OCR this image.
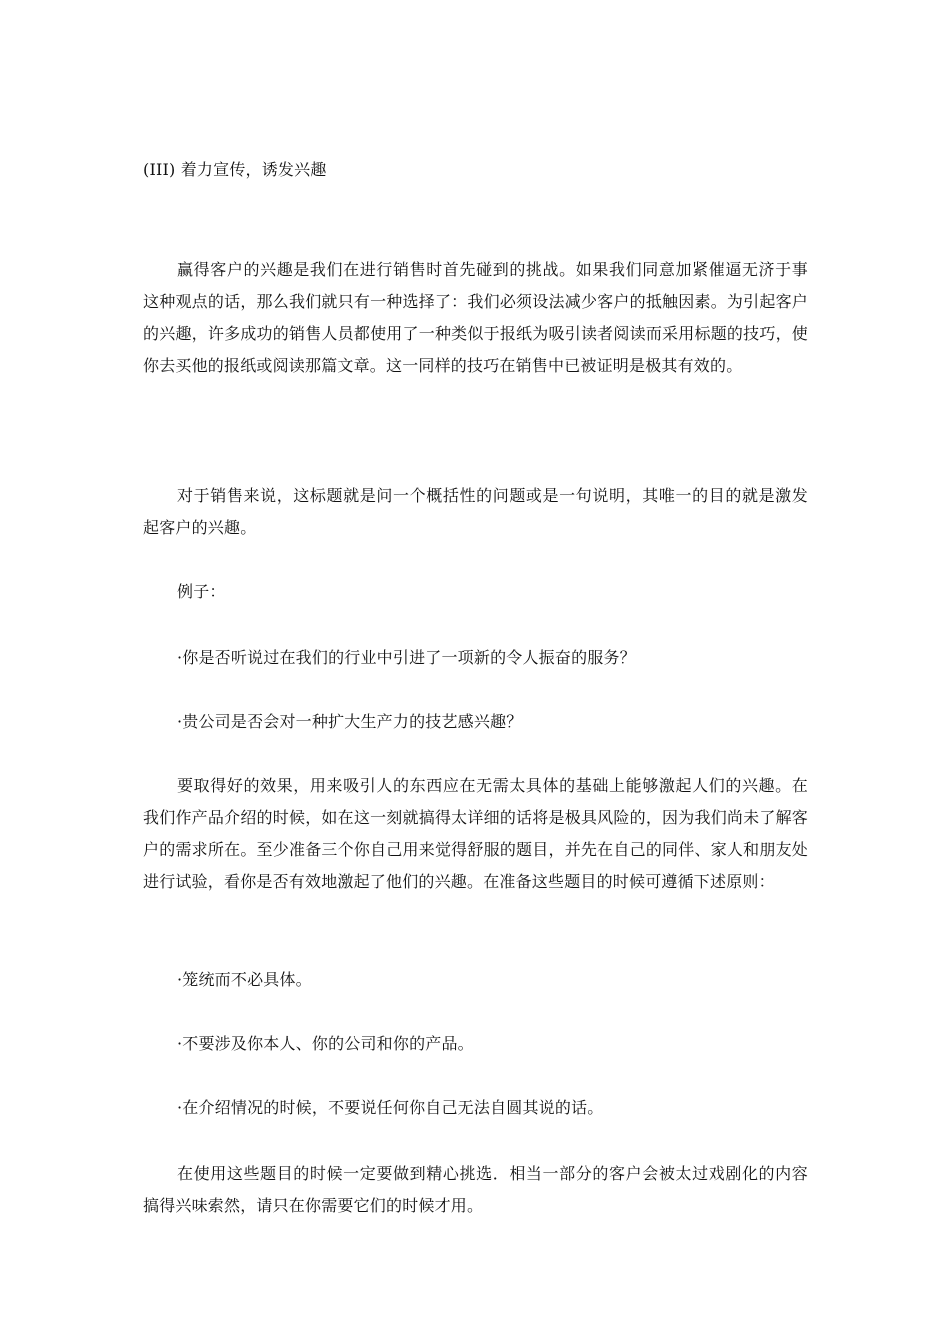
(III) 着力宣传，诱发兴趣

赢得客户的兴趣是我们在进行销售时首先碰到的挑战。如果我们同意加紧催逼无济于事这种观点的话，那么我们就只有一种选择了：我们必须设法减少客户的抵触因素。为引起客户的兴趣，许多成功的销售人员都使用了一种类似于报纸为吸引读者阅读而采用标题的技巧，使你去买他的报纸或阅读那篇文章。这一同样的技巧在销售中已被证明是极其有效的。

对于销售来说，这标题就是问一个概括性的问题或是一句说明，其唯一的目的就是激发起客户的兴趣。

例子：

·你是否听说过在我们的行业中引进了一项新的令人振奋的服务？

·贵公司是否会对一种扩大生产力的技艺感兴趣？

要取得好的效果，用来吸引人的东西应在无需太具体的基础上能够激起人们的兴趣。在我们作产品介绍的时候，如在这一刻就搞得太详细的话将是极具风险的，因为我们尚未了解客户的需求所在。至少准备三个你自己用来觉得舒服的题目，并先在自己的同伴、家人和朋友处进行试验，看你是否有效地激起了他们的兴趣。在准备这些题目的时候可遵循下述原则：

·笼统而不必具体。

·不要涉及你本人、你的公司和你的产品。

·在介绍情况的时候，不要说任何你自己无法自圆其说的话。

在使用这些题目的时候一定要做到精心挑选．相当一部分的客户会被太过戏剧化的内容搞得兴味索然，请只在你需要它们的时候才用。
